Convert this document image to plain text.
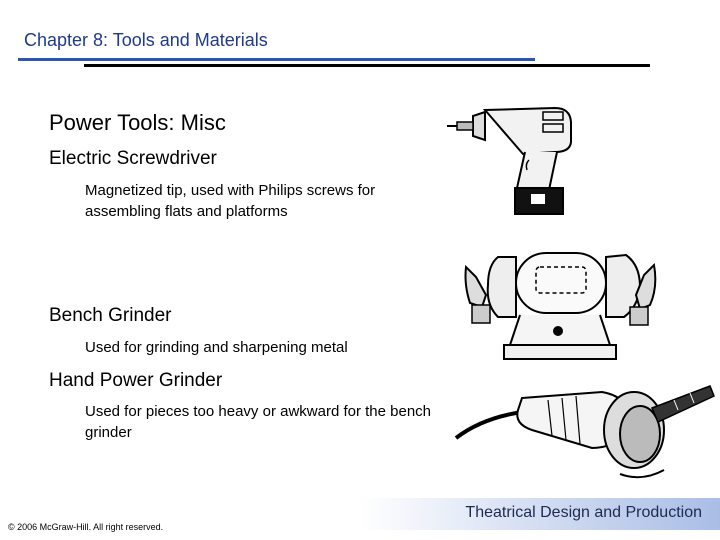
Chapter 8: Tools and Materials
Power Tools: Misc
Electric Screwdriver
Magnetized tip, used with Philips screws for assembling flats and platforms
Bench Grinder
Used for grinding and sharpening metal
Hand Power Grinder
Used for pieces too heavy or awkward for the bench grinder
Theatrical Design and Production
© 2006 McGraw-Hill. All right reserved.
